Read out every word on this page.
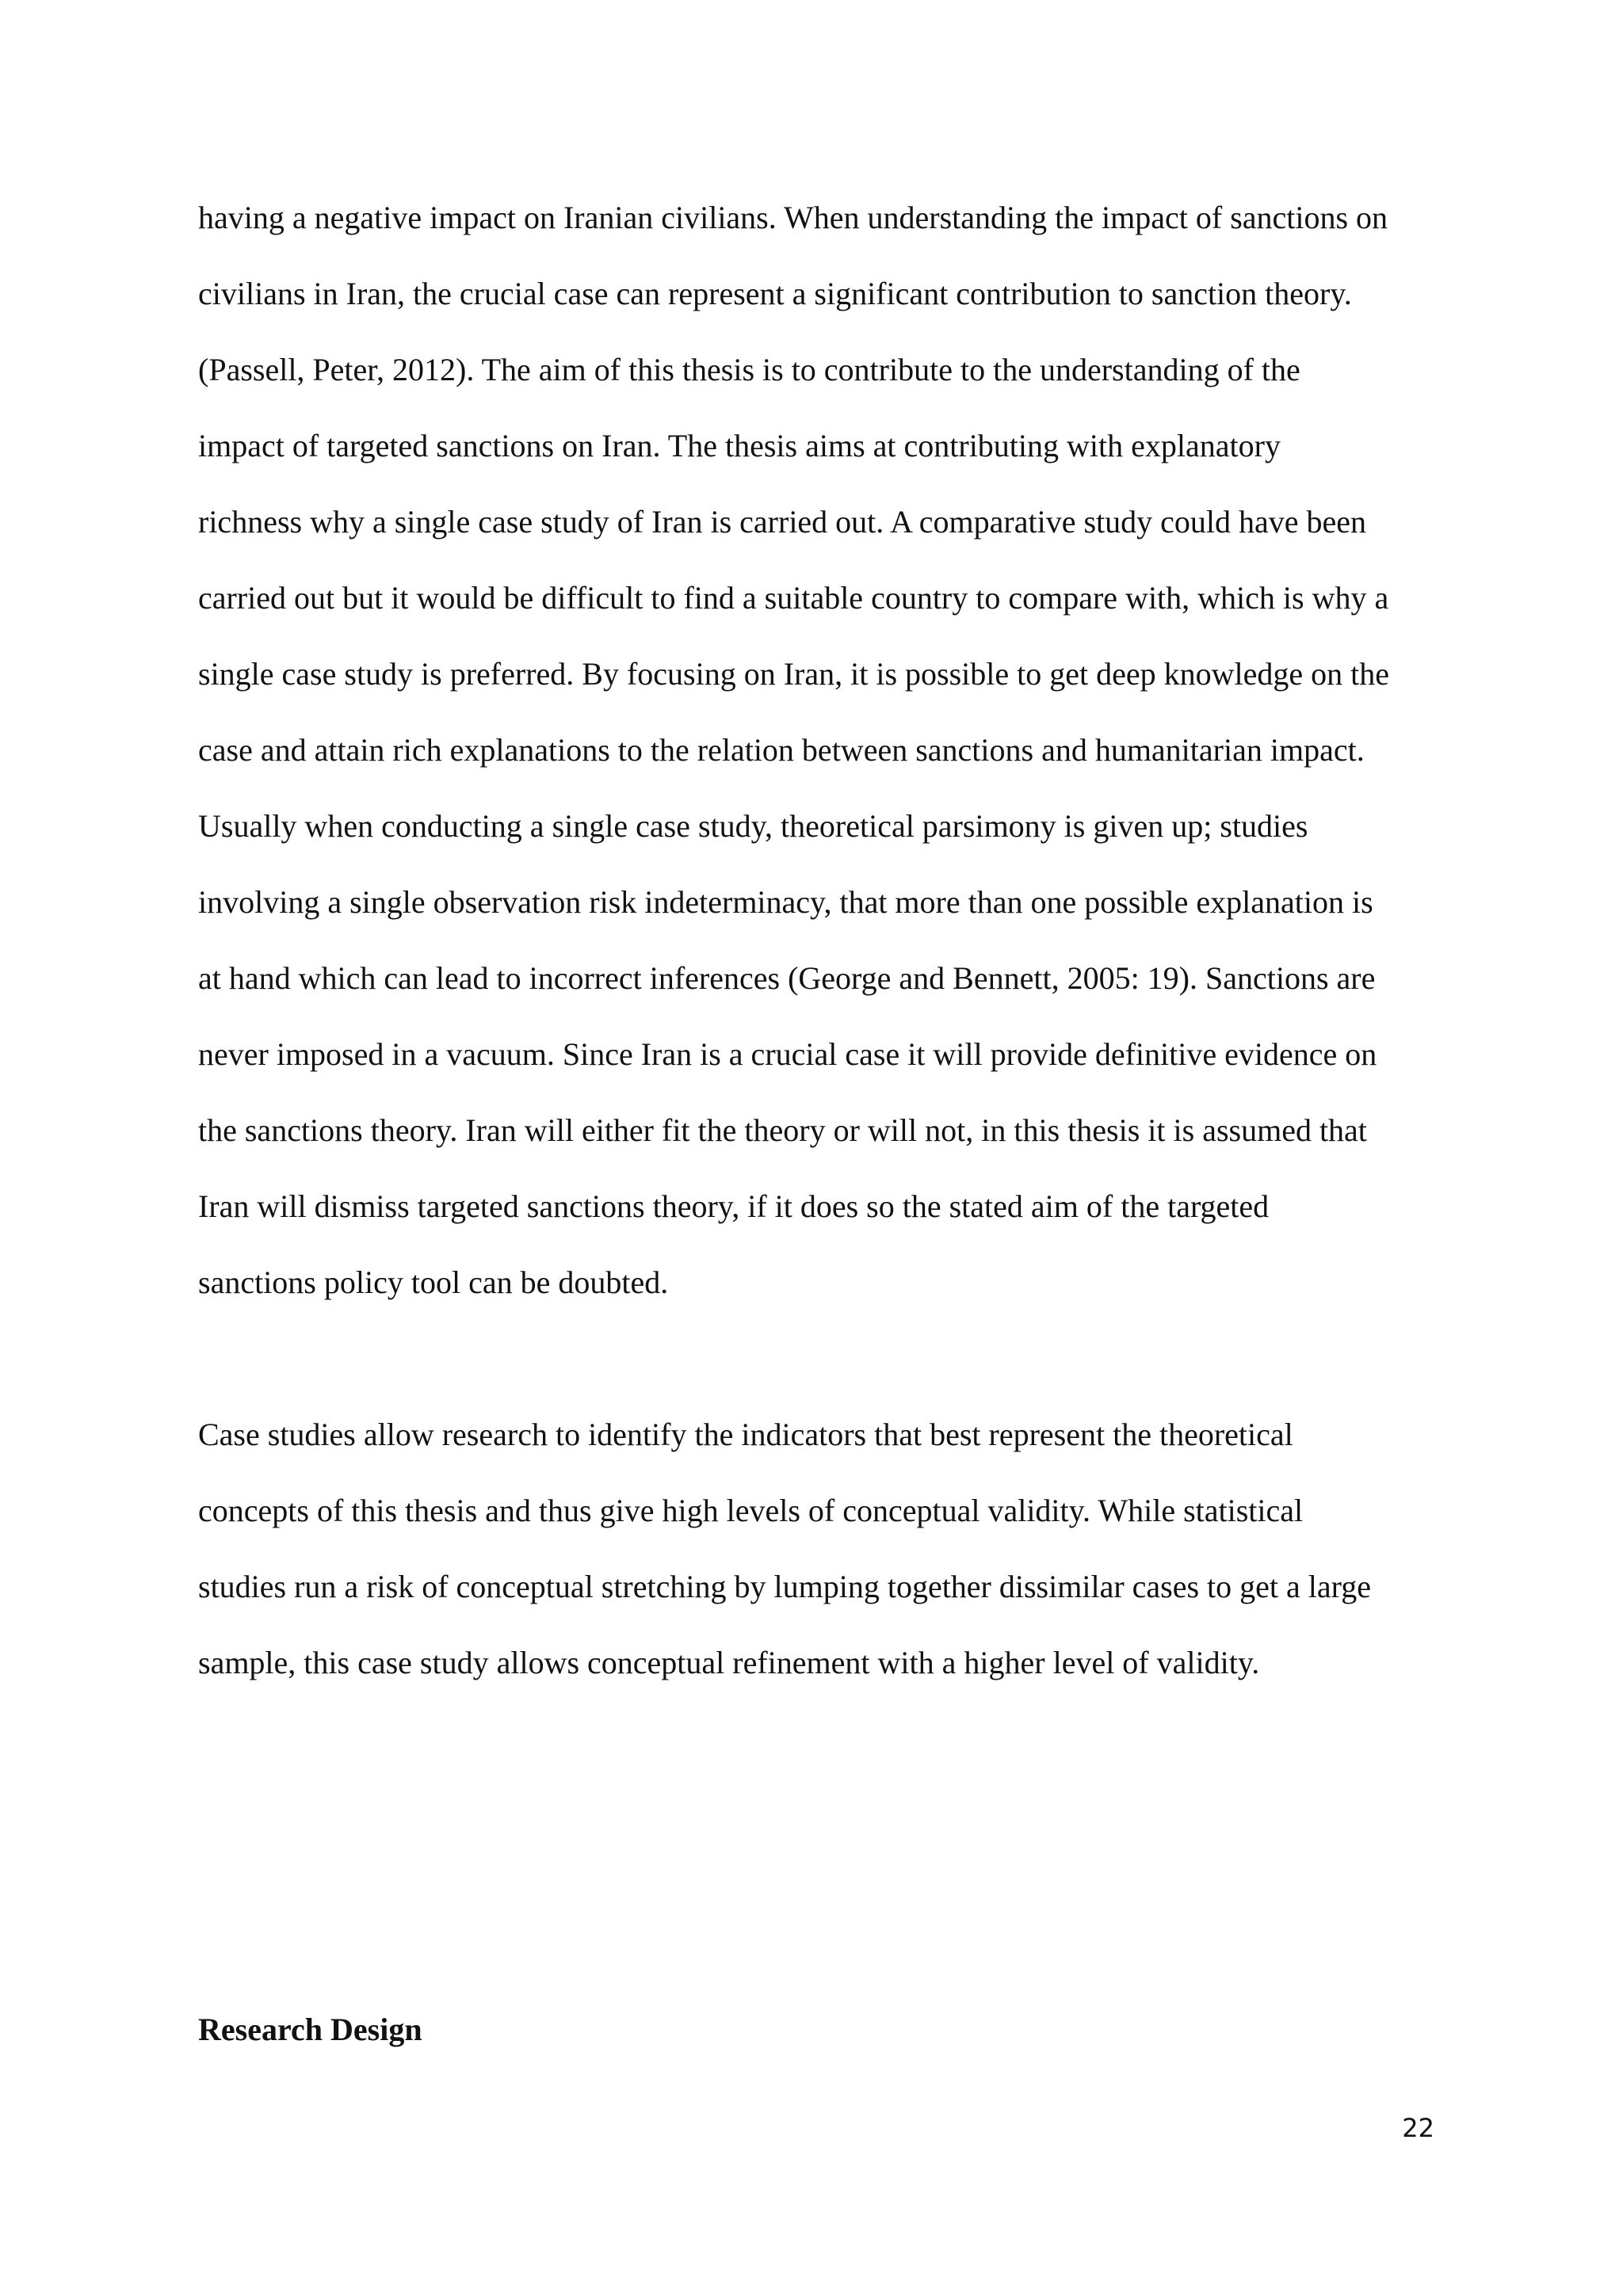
having a negative impact on Iranian civilians. When understanding the impact of sanctions on
civilians in Iran, the crucial case can represent a significant contribution to sanction theory.
(Passell, Peter, 2012). The aim of this thesis is to contribute to the understanding of the
impact of targeted sanctions on Iran. The thesis aims at contributing with explanatory
richness why a single case study of Iran is carried out. A comparative study could have been
carried out but it would be difficult to find a suitable country to compare with, which is why a
single case study is preferred. By focusing on Iran, it is possible to get deep knowledge on the
case and attain rich explanations to the relation between sanctions and humanitarian impact.
Usually when conducting a single case study, theoretical parsimony is given up; studies
involving a single observation risk indeterminacy, that more than one possible explanation is
at hand which can lead to incorrect inferences (George and Bennett, 2005: 19). Sanctions are
never imposed in a vacuum. Since Iran is a crucial case it will provide definitive evidence on
the sanctions theory. Iran will either fit the theory or will not, in this thesis it is assumed that
Iran will dismiss targeted sanctions theory, if it does so the stated aim of the targeted
sanctions policy tool can be doubted.
Case studies allow research to identify the indicators that best represent the theoretical
concepts of this thesis and thus give high levels of conceptual validity. While statistical
studies run a risk of conceptual stretching by lumping together dissimilar cases to get a large
sample, this case study allows conceptual refinement with a higher level of validity.
Research Design
22
